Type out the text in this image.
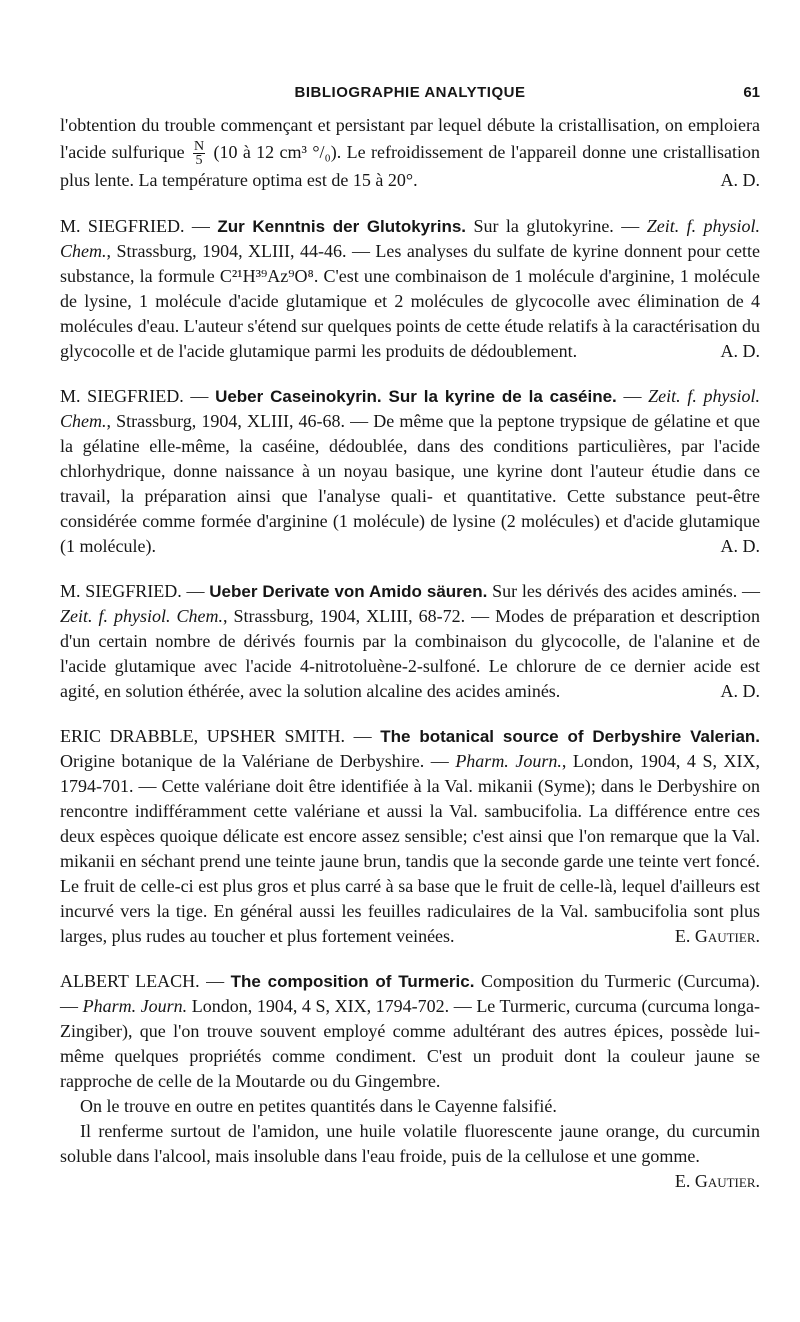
BIBLIOGRAPHIE ANALYTIQUE	61

l'obtention du trouble commençant et persistant par lequel débute la cristallisation, on emploiera l'acide sulfurique $\frac{N}{5} (10$ à 12 cm³ °/₀). Le refroidissement de l'appareil donne une cristallisation plus lente. La température optima est de 15 à 20°.	A. D.

M. SIEGFRIED. — Zur Kenntnis der Glutokyrins. Sur la glutokyrine. — Zeit. f. physiol. Chem., Strassburg, 1904, XLIII, 44-46. — Les analyses du sulfate de kyrine donnent pour cette substance, la formule C²¹H³⁹Az⁹O⁸. C'est une combinaison de 1 molécule d'arginine, 1 molécule de lysine, 1 molécule d'acide glutamique et 2 molécules de glycocolle avec élimination de 4 molécules d'eau. L'auteur s'étend sur quelques points de cette étude relatifs à la caractérisation du glycocolle et de l'acide glutamique parmi les produits de dédoublement.	A. D.

M. SIEGFRIED. — Ueber Caseinokyrin. Sur la kyrine de la caséine. — Zeit. f. physiol. Chem., Strassburg, 1904, XLIII, 46-68. — De même que la peptone trypsique de gélatine et que la gélatine elle-même, la caséine, dédoublée, dans des conditions particulières, par l'acide chlorhydrique, donne naissance à un noyau basique, une kyrine dont l'auteur étudie dans ce travail, la préparation ainsi que l'analyse quali- et quantitative. Cette substance peut-être considérée comme formée d'arginine (1 molécule) de lysine (2 molécules) et d'acide glutamique (1 molécule).	A. D.

M. SIEGFRIED. — Ueber Derivate von Amido säuren. Sur les dérivés des acides aminés. — Zeit. f. physiol. Chem., Strassburg, 1904, XLIII, 68-72. — Modes de préparation et description d'un certain nombre de dérivés fournis par la combinaison du glycocolle, de l'alanine et de l'acide glutamique avec l'acide 4-nitrotoluène-2-sulfoné. Le chlorure de ce dernier acide est agité, en solution éthérée, avec la solution alcaline des acides aminés.	A. D.

ERIC DRABBLE, UPSHER SMITH. — The botanical source of Derbyshire Valerian. Origine botanique de la Valériane de Derbyshire. — Pharm. Journ., London, 1904, 4 S, XIX, 1794-701. — Cette valériane doit être identifiée à la Val. mikanii (Syme); dans le Derbyshire on rencontre indifféramment cette valériane et aussi la Val. sambucifolia. La différence entre ces deux espèces quoique délicate est encore assez sensible; c'est ainsi que l'on remarque que la Val. mikanii en séchant prend une teinte jaune brun, tandis que la seconde garde une teinte vert foncé. Le fruit de celle-ci est plus gros et plus carré à sa base que le fruit de celle-là, lequel d'ailleurs est incurvé vers la tige. En général aussi les feuilles radiculaires de la Val. sambucifolia sont plus larges, plus rudes au toucher et plus fortement veinées.	E. Gautier.

ALBERT LEACH. — The composition of Turmeric. Composition du Turmeric (Curcuma). — Pharm. Journ. London, 1904, 4 S, XIX, 1794-702. — Le Turmeric, curcuma (curcuma longa-Zingiber), que l'on trouve souvent employé comme adultérant des autres épices, possède lui-même quelques propriétés comme condiment. C'est un produit dont la couleur jaune se rapproche de celle de la Moutarde ou du Gingembre.

On le trouve en outre en petites quantités dans le Cayenne falsifié.

Il renferme surtout de l'amidon, une huile volatile fluorescente jaune orange, du curcumin soluble dans l'alcool, mais insoluble dans l'eau froide, puis de la cellulose et une gomme.
E. Gautier.
